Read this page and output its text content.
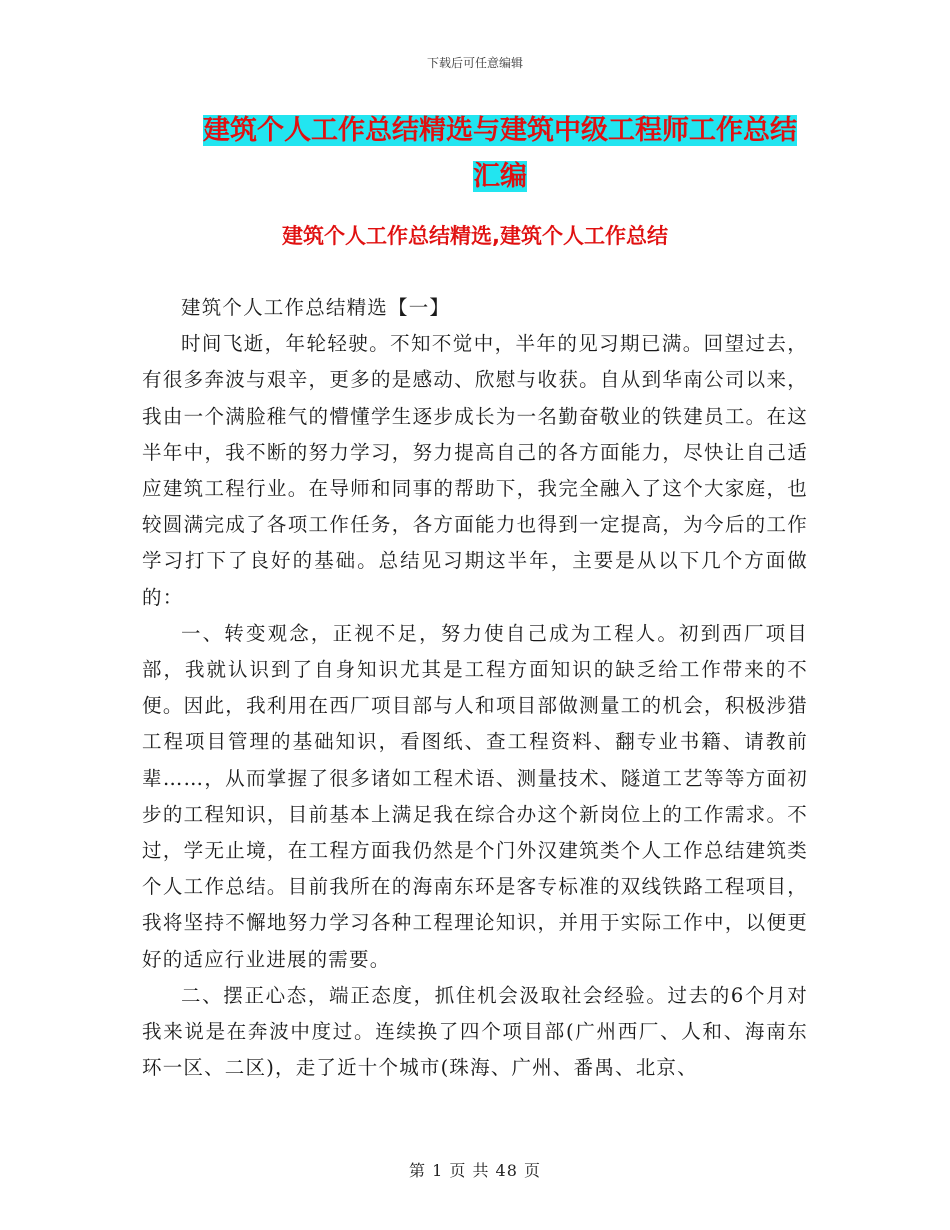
下载后可任意编辑
建筑个人工作总结精选与建筑中级工程师工作总结汇编
建筑个人工作总结精选,建筑个人工作总结

建筑个人工作总结精选【一】

时间飞逝，年轮轻驶。不知不觉中，半年的见习期已满。回望过去，有很多奔波与艰辛，更多的是感动、欣慰与收获。自从到华南公司以来，我由一个满脸稚气的懵懂学生逐步成长为一名勤奋敬业的铁建员工。在这半年中，我不断的努力学习，努力提高自己的各方面能力，尽快让自己适应建筑工程行业。在导师和同事的帮助下，我完全融入了这个大家庭，也较圆满完成了各项工作任务，各方面能力也得到一定提高，为今后的工作学习打下了良好的基础。总结见习期这半年，主要是从以下几个方面做的：

一、转变观念，正视不足，努力使自己成为工程人。初到西厂项目部，我就认识到了自身知识尤其是工程方面知识的缺乏给工作带来的不便。因此，我利用在西厂项目部与人和项目部做测量工的机会，积极涉猎工程项目管理的基础知识，看图纸、查工程资料、翻专业书籍、请教前辈……，从而掌握了很多诸如工程术语、测量技术、隧道工艺等等方面初步的工程知识，目前基本上满足我在综合办这个新岗位上的工作需求。不过，学无止境，在工程方面我仍然是个门外汉建筑类个人工作总结建筑类个人工作总结。目前我所在的海南东环是客专标准的双线铁路工程项目，我将坚持不懈地努力学习各种工程理论知识，并用于实际工作中，以便更好的适应行业进展的需要。

二、摆正心态，端正态度，抓住机会汲取社会经验。过去的6个月对我来说是在奔波中度过。连续换了四个项目部(广州西厂、人和、海南东环一区、二区)，走了近十个城市(珠海、广州、番禺、北京、

第 1 页 共 48 页
